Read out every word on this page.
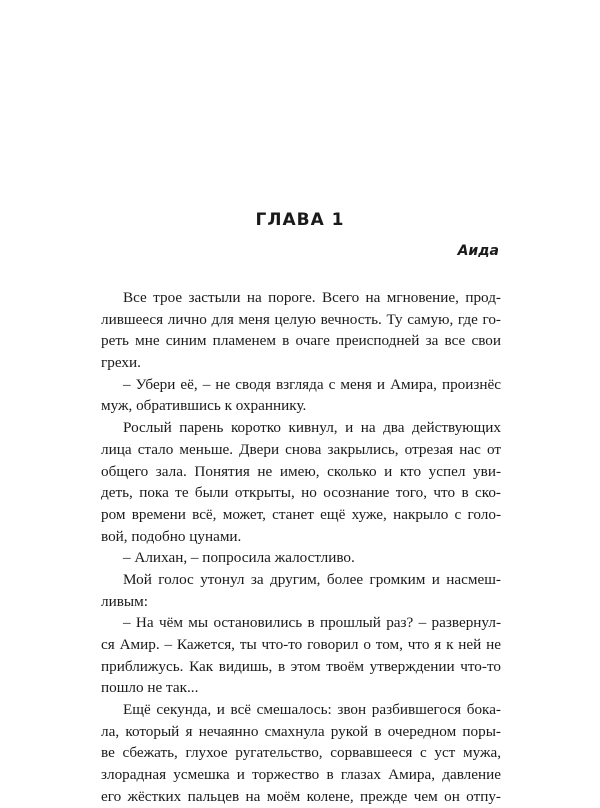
ГЛАВА 1
Аида
Все трое застыли на пороге. Всего на мгновение, прод-
лившееся лично для меня целую вечность. Ту самую, где го-
реть мне синим пламенем в очаге преисподней за все свои
грехи.
– Убери её, – не сводя взгляда с меня и Амира, произнёс
муж, обратившись к охраннику.
Рослый парень коротко кивнул, и на два действующих
лица стало меньше. Двери снова закрылись, отрезая нас от
общего зала. Понятия не имею, сколько и кто успел уви-
деть, пока те были открыты, но осознание того, что в ско-
ром времени всё, может, станет ещё хуже, накрыло с голо-
вой, подобно цунами.
– Алихан, – попросила жалостливо.
Мой голос утонул за другим, более громким и насмеш-
ливым:
– На чём мы остановились в прошлый раз? – развернул-
ся Амир. – Кажется, ты что-то говорил о том, что я к ней не
приближусь. Как видишь, в этом твоём утверждении что-то
пошло не так...
Ещё секунда, и всё смешалось: звон разбившегося бока-
ла, который я нечаянно смахнула рукой в очередном поры-
ве сбежать, глухое ругательство, сорвавшееся с уст мужа,
злорадная усмешка и торжество в глазах Амира, давление
его жёстких пальцев на моём колене, прежде чем он отпу-
